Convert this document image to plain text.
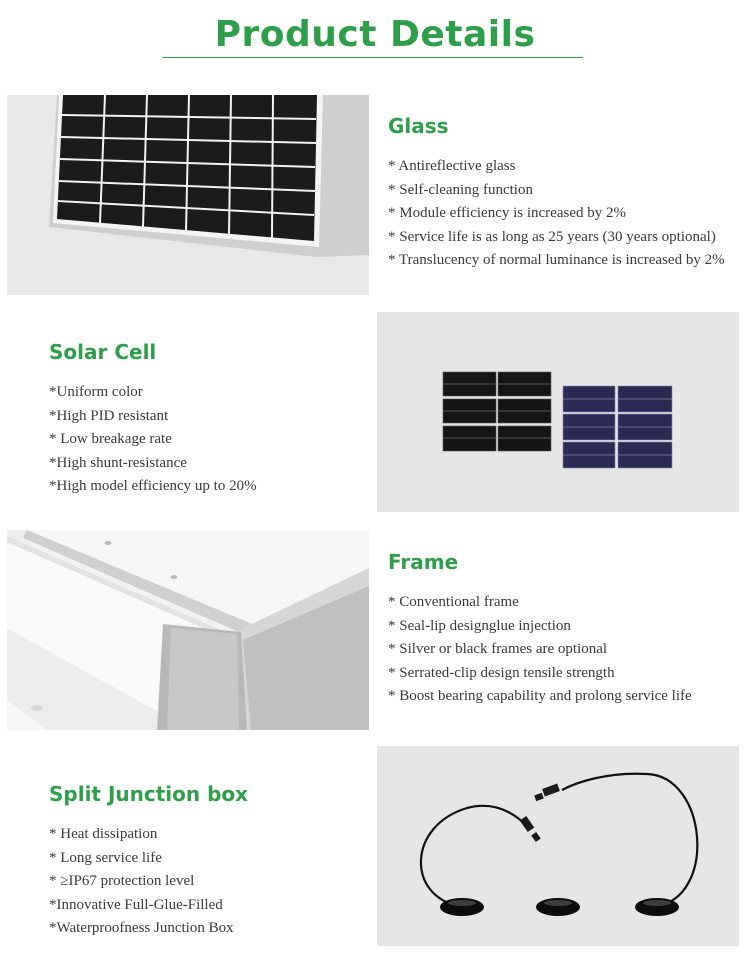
Product Details
Glass
* Antireflective glass
* Self-cleaning function
* Module efficiency is increased by 2%
* Service life is as long as 25 years (30 years optional)
* Translucency of normal luminance is increased by 2%
Solar Cell
*Uniform color
*High PID resistant
* Low breakage rate
*High shunt-resistance
*High model efficiency up to 20%
Frame
* Conventional frame
* Seal-lip designglue injection
* Silver or black frames are optional
* Serrated-clip design tensile strength
* Boost bearing capability and prolong service life
Split Junction box
* Heat dissipation
* Long service life
* ≥IP67 protection level
*Innovative Full-Glue-Filled
*Waterproofness Junction Box
